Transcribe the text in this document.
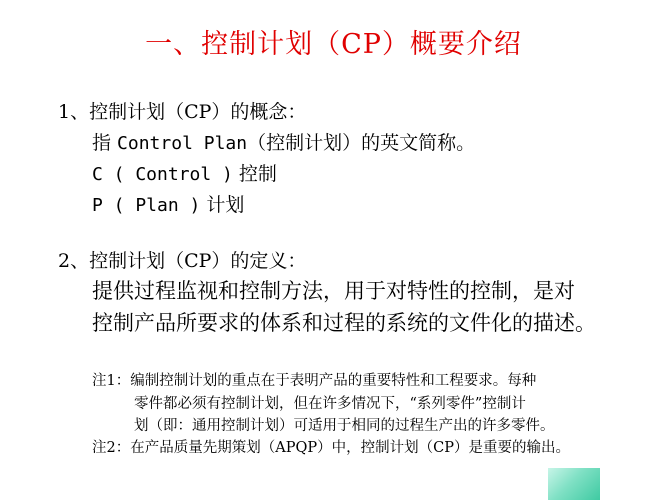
一、控制计划（CP）概要介绍
1、控制计划（CP）的概念：
指 Control Plan（控制计划）的英文简称。
C ( Control ) 控制
P ( Plan ) 计划
2、控制计划（CP）的定义：
提供过程监视和控制方法，用于对特性的控制，是对
控制产品所要求的体系和过程的系统的文件化的描述。
注1：编制控制计划的重点在于表明产品的重要特性和工程要求。每种
零件都必须有控制计划，但在许多情况下，“系列零件”控制计
划（即：通用控制计划）可适用于相同的过程生产出的许多零件。
注2：在产品质量先期策划（APQP）中，控制计划（CP）是重要的输出。
